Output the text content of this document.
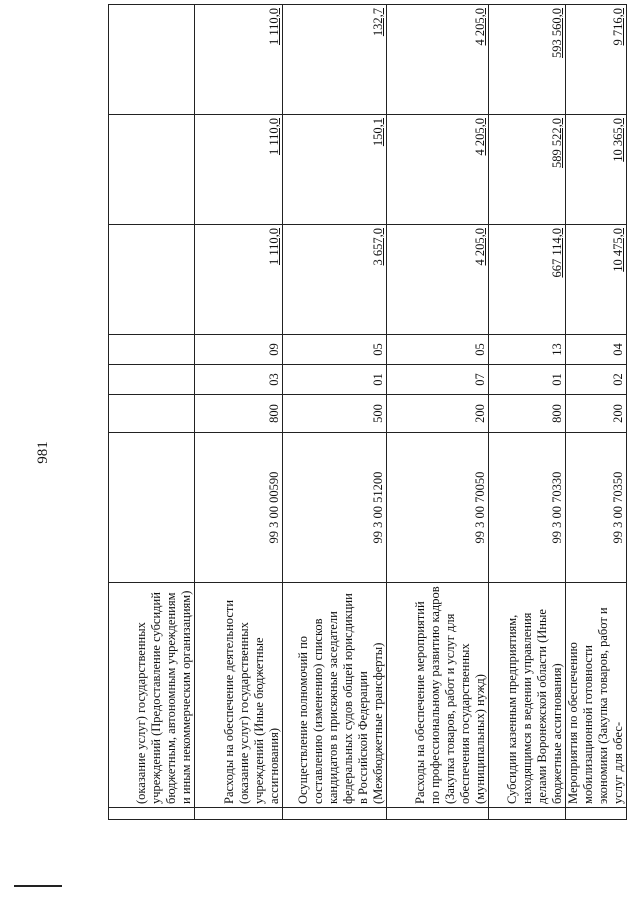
981
	(оказание услуг) государственных учреждений (Предоставление субсидий бюджетным, автономным учреждениям и иным некоммерческим организациям)							
	Расходы на обеспечение деятельности (оказание услуг) государственных учреждений (Иные бюджетные ассигнования)	99 3 00 00590	800	03	09	1 110,0	1 110,0	1 110,0
	Осуществление полномочий по составлению (изменению) списков кандидатов в присяжные заседатели федеральных судов общей юрисдикции в Российской Федерации (Межбюджетные трансферты)	99 3 00 51200	500	01	05	3 657,0	150,1	132,7
	Расходы на обеспечение мероприятий по профессиональному развитию кадров (Закупка товаров, работ и услуг для обеспечения государственных (муниципальных) нужд)	99 3 00 70050	200	07	05	4 205,0	4 205,0	4 205,0
	Субсидии казенным предприятиям, находящимся в ведении управления делами Воронежской области (Иные бюджетные ассигнования)	99 3 00 70330	800	01	13	667 114,0	589 522,0	593 560,0
	Мероприятия по обеспечению мобилизационной готовности экономики (Закупка товаров, работ и услуг для обес-	99 3 00 70350	200	02	04	10 475,0	10 365,0	9 716,0
